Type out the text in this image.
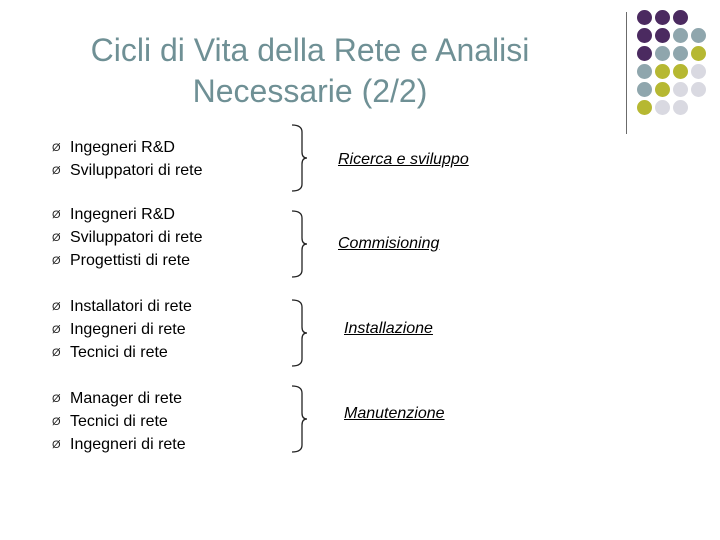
Cicli di Vita della Rete e Analisi
Necessarie (2/2)
Ø Ingegneri R&D
Ø Sviluppatori di rete
Ricerca e sviluppo
Ø Ingegneri R&D
Ø Sviluppatori di rete
Ø Progettisti di rete
Commisioning
Ø Installatori di rete
Ø Ingegneri di rete
Ø Tecnici di rete
Installazione
Ø Manager di rete
Ø Tecnici di rete
Ø Ingegneri di rete
Manutenzione
